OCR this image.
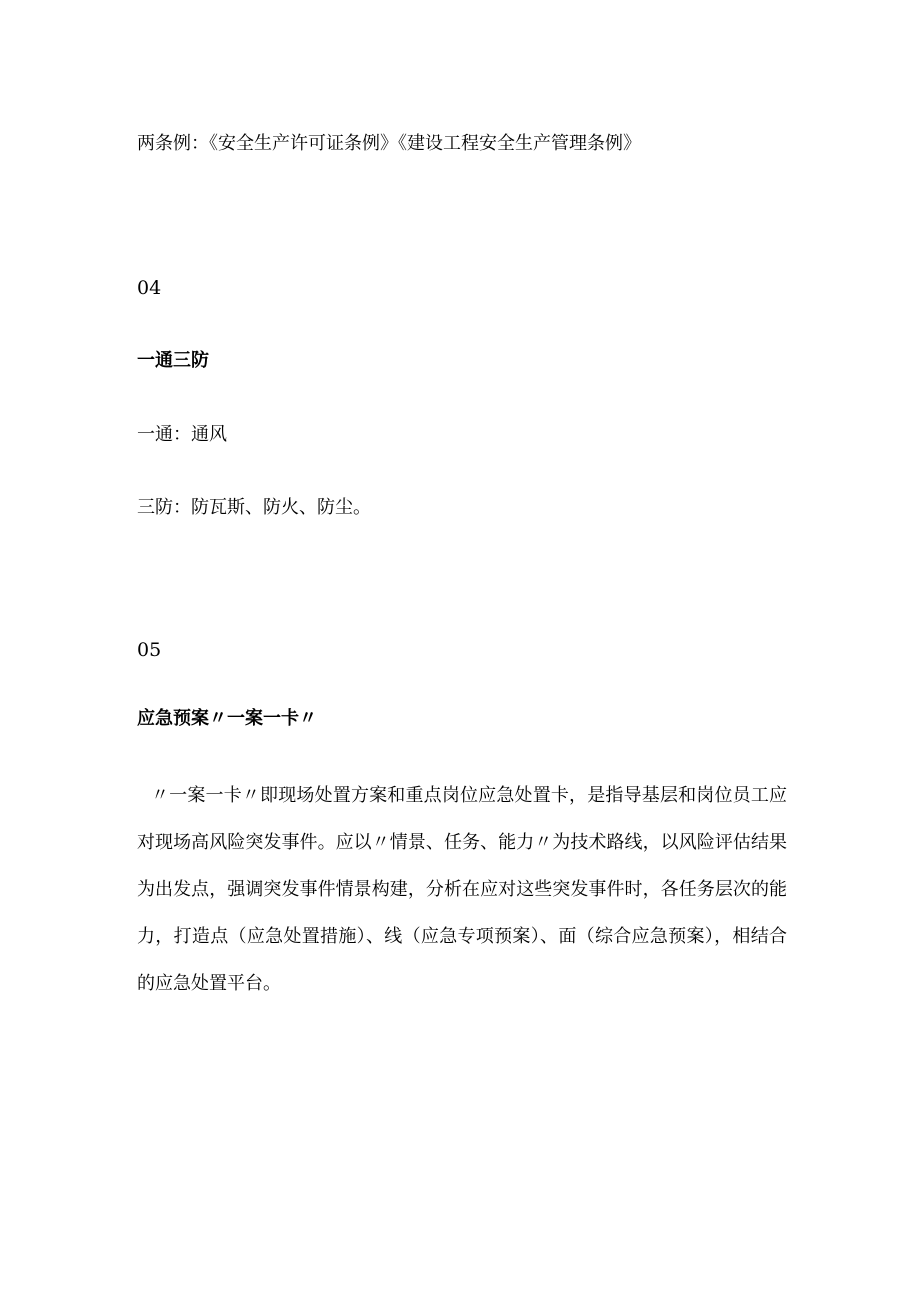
两条例：《安全生产许可证条例》《建设工程安全生产管理条例》
04
一通三防
一通：通风
三防：防瓦斯、防火、防尘。
05
应急预案〃一案一卡〃
〃一案一卡〃即现场处置方案和重点岗位应急处置卡，是指导基层和岗位员工应对现场高风险突发事件。应以〃情景、任务、能力〃为技术路线，以风险评估结果为出发点，强调突发事件情景构建，分析在应对这些突发事件时，各任务层次的能力，打造点（应急处置措施）、线（应急专项预案）、面（综合应急预案），相结合的应急处置平台。
